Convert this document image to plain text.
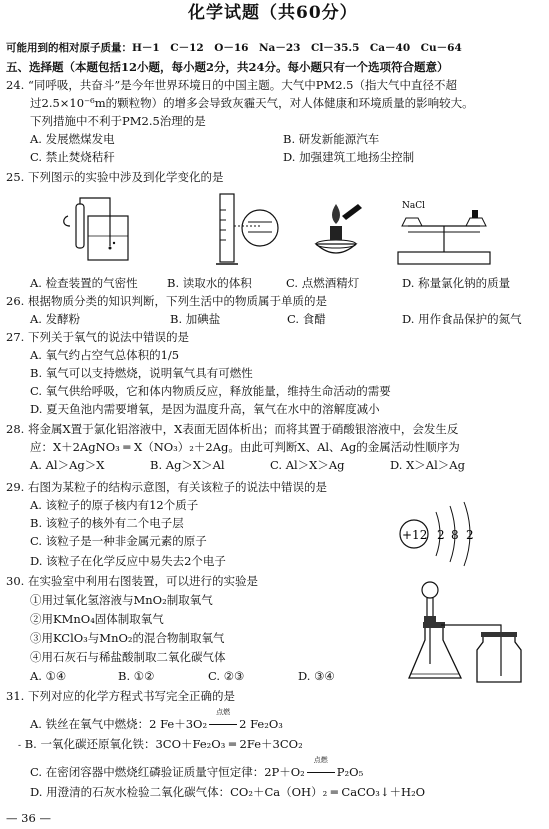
化学试题（共60分）
可能用到的相对原子质量：H－1　C－12　O－16　Na－23　Cl－35.5　Ca－40　Cu－64
五、选择题（本题包括12小题，每小题2分，共24分。每小题只有一个选项符合题意）
24. “同呼吸，共奋斗”是今年世界环境日的中国主题。大气中PM2.5（指大气中直径不超
过2.5×10⁻⁶m的颗粒物）的增多会导致灰霾天气，对人体健康和环境质量的影响较大。
下列措施中不利于PM2.5治理的是
A. 发展燃煤发电	B. 研发新能源汽车
C. 禁止焚烧秸秆	D. 加强建筑工地扬尘控制
25. 下列图示的实验中涉及到化学变化的是
NaCl
A. 检查装置的气密性	B. 读取水的体积	C. 点燃酒精灯	D. 称量氯化钠的质量
26. 根据物质分类的知识判断，下列生活中的物质属于单质的是
A. 发酵粉	B. 加碘盐	C. 食醋	D. 用作食品保护的氮气
27. 下列关于氧气的说法中错误的是
A. 氧气约占空气总体积的1/5
B. 氧气可以支持燃烧，说明氧气具有可燃性
C. 氧气供给呼吸，它和体内物质反应，释放能量，维持生命活动的需要
D. 夏天鱼池内需要增氧，是因为温度升高，氧气在水中的溶解度减小
28. 将金属X置于氯化铝溶液中，X表面无固体析出；而将其置于硝酸银溶液中，会发生反
应：X＋2AgNO₃ ═ X（NO₃）₂＋2Ag。由此可判断X、Al、Ag的金属活动性顺序为
A. Al＞Ag＞X	B. Ag＞X＞Al	C. Al＞X＞Ag	D. X＞Al＞Ag
29. 右图为某粒子的结构示意图，有关该粒子的说法中错误的是
A. 该粒子的原子核内有12个质子
B. 该粒子的核外有二个电子层
C. 该粒子是一种非金属元素的原子
D. 该粒子在化学反应中易失去2个电子
+12 2 8 2
30. 在实验室中利用右图装置，可以进行的实验是
①用过氧化氢溶液与MnO₂制取氧气
②用KMnO₄固体制取氧气
③用KClO₃与MnO₂的混合物制取氧气
④用石灰石与稀盐酸制取二氧化碳气体
A. ①④	B. ①②	C. ②③	D. ③④
31. 下列对应的化学方程式书写完全正确的是
A. 铁丝在氧气中燃烧：2 Fe＋3O₂
点燃
2 Fe₂O₃
- B. 一氧化碳还原氧化铁：3CO＋Fe₂O₃ ═ 2Fe＋3CO₂
C. 在密闭容器中燃烧红磷验证质量守恒定律：2P＋O₂
点燃
P₂O₅
D. 用澄清的石灰水检验二氧化碳气体：CO₂＋Ca（OH）₂ ═ CaCO₃↓＋H₂O
— 36 —
